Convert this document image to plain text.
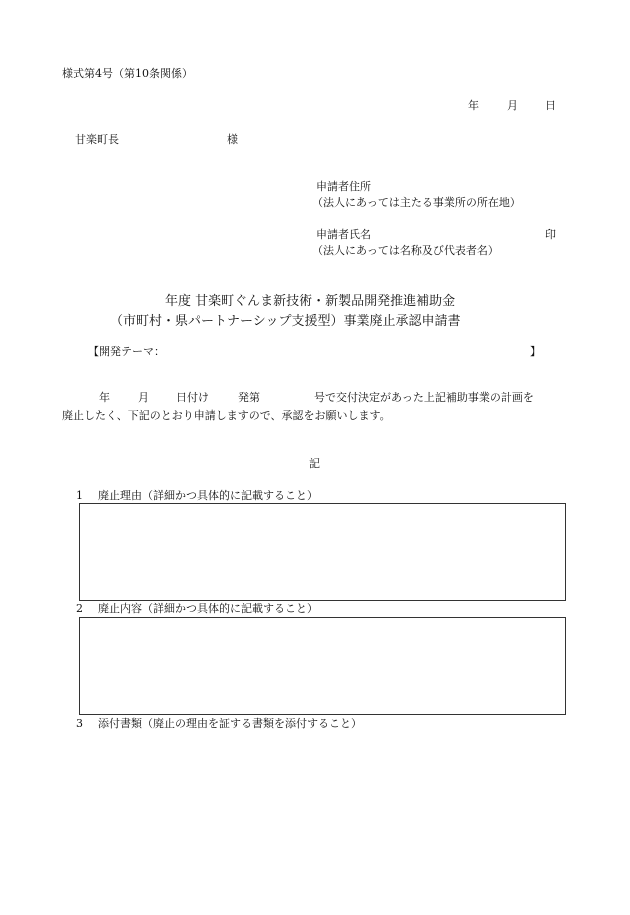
様式第4号（第10条関係）
年	月 日
甘楽町長	様
申請者住所
（法人にあっては主たる事業所の所在地）
申請者氏名	印
（法人にあっては名称及び代表者名）
年度 甘楽町ぐんま新技術・新製品開発推進補助金
（市町村・県パートナーシップ支援型）事業廃止承認申請書
【開発テーマ：	】
年	月 日付け	発第	号で交付決定があった上記補助事業の計画を
廃止したく、下記のとおり申請しますので、承認をお願いします。
記
1 廃止理由（詳細かつ具体的に記載すること）
2 廃止内容（詳細かつ具体的に記載すること）
3 添付書類（廃止の理由を証する書類を添付すること）
